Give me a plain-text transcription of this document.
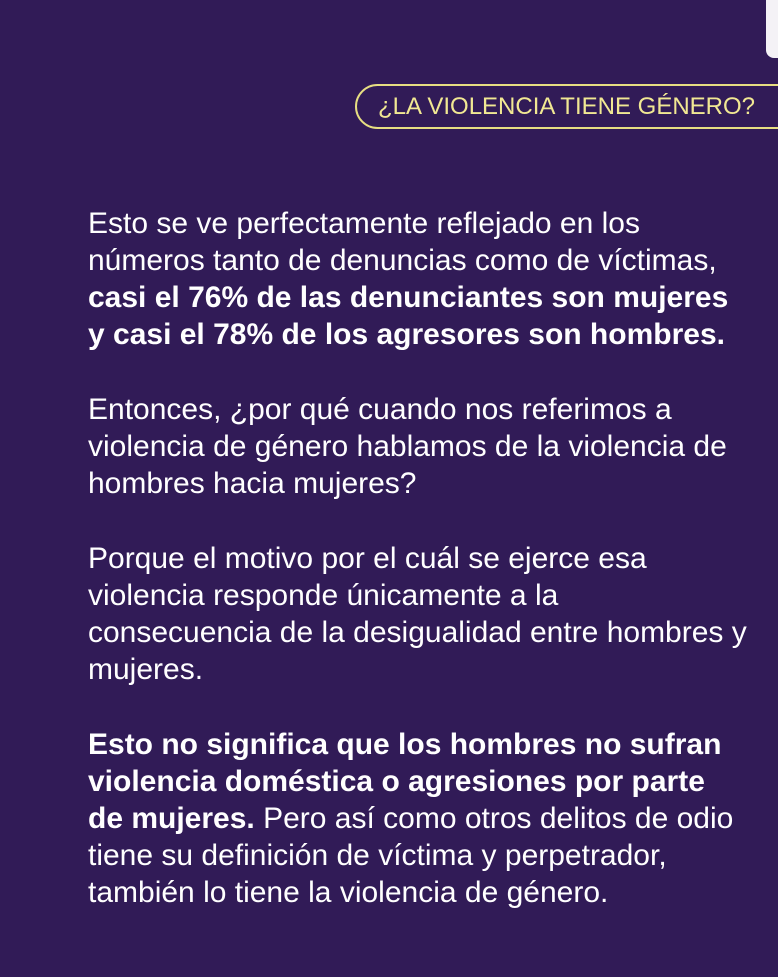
¿LA VIOLENCIA TIENE GÉNERO?

Esto se ve perfectamente reflejado en los números tanto de denuncias como de víctimas, casi el 76% de las denunciantes son mujeres y casi el 78% de los agresores son hombres.

Entonces, ¿por qué cuando nos referimos a violencia de género hablamos de la violencia de hombres hacia mujeres?

Porque el motivo por el cuál se ejerce esa violencia responde únicamente a la consecuencia de la desigualidad entre hombres y mujeres.

Esto no significa que los hombres no sufran violencia doméstica o agresiones por parte de mujeres. Pero así como otros delitos de odio tiene su definición de víctima y perpetrador, también lo tiene la violencia de género.
